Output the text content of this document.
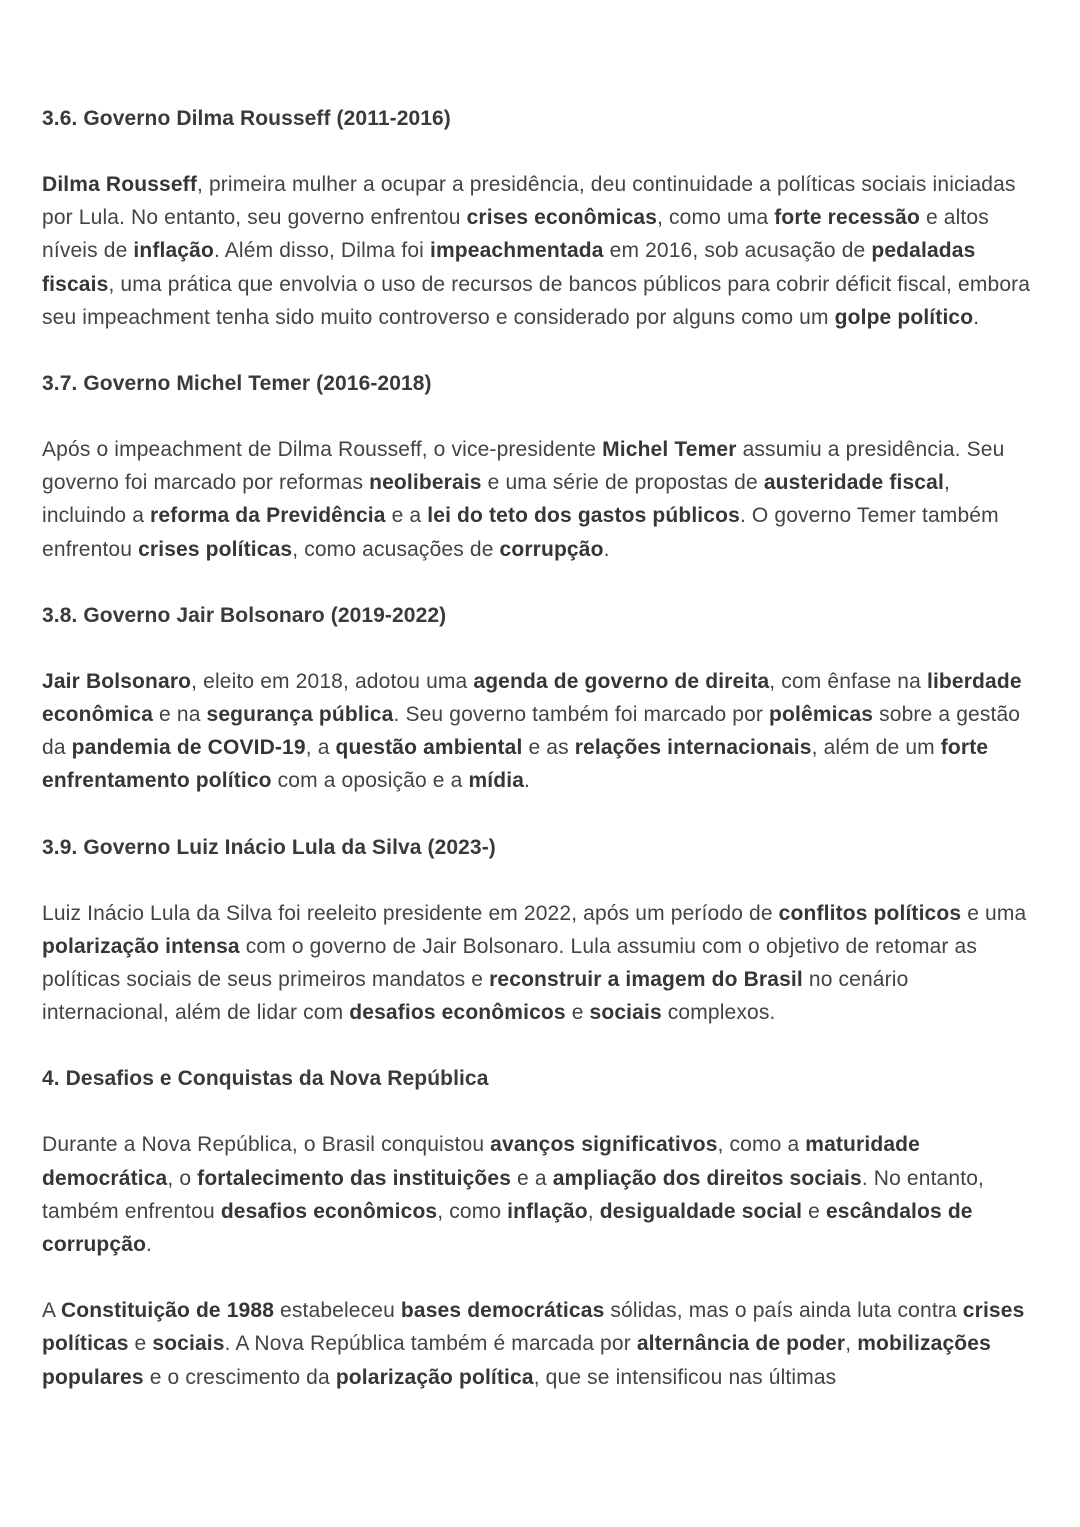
3.6. Governo Dilma Rousseff (2011-2016)

Dilma Rousseff, primeira mulher a ocupar a presidência, deu continuidade a políticas sociais iniciadas por Lula. No entanto, seu governo enfrentou crises econômicas, como uma forte recessão e altos níveis de inflação. Além disso, Dilma foi impeachmentada em 2016, sob acusação de pedaladas fiscais, uma prática que envolvia o uso de recursos de bancos públicos para cobrir déficit fiscal, embora seu impeachment tenha sido muito controverso e considerado por alguns como um golpe político.

3.7. Governo Michel Temer (2016-2018)

Após o impeachment de Dilma Rousseff, o vice-presidente Michel Temer assumiu a presidência. Seu governo foi marcado por reformas neoliberais e uma série de propostas de austeridade fiscal, incluindo a reforma da Previdência e a lei do teto dos gastos públicos. O governo Temer também enfrentou crises políticas, como acusações de corrupção.

3.8. Governo Jair Bolsonaro (2019-2022)

Jair Bolsonaro, eleito em 2018, adotou uma agenda de governo de direita, com ênfase na liberdade econômica e na segurança pública. Seu governo também foi marcado por polêmicas sobre a gestão da pandemia de COVID-19, a questão ambiental e as relações internacionais, além de um forte enfrentamento político com a oposição e a mídia.

3.9. Governo Luiz Inácio Lula da Silva (2023-)

Luiz Inácio Lula da Silva foi reeleito presidente em 2022, após um período de conflitos políticos e uma polarização intensa com o governo de Jair Bolsonaro. Lula assumiu com o objetivo de retomar as políticas sociais de seus primeiros mandatos e reconstruir a imagem do Brasil no cenário internacional, além de lidar com desafios econômicos e sociais complexos.

4. Desafios e Conquistas da Nova República

Durante a Nova República, o Brasil conquistou avanços significativos, como a maturidade democrática, o fortalecimento das instituições e a ampliação dos direitos sociais. No entanto, também enfrentou desafios econômicos, como inflação, desigualdade social e escândalos de corrupção.

A Constituição de 1988 estabeleceu bases democráticas sólidas, mas o país ainda luta contra crises políticas e sociais. A Nova República também é marcada por alternância de poder, mobilizações populares e o crescimento da polarização política, que se intensificou nas últimas
